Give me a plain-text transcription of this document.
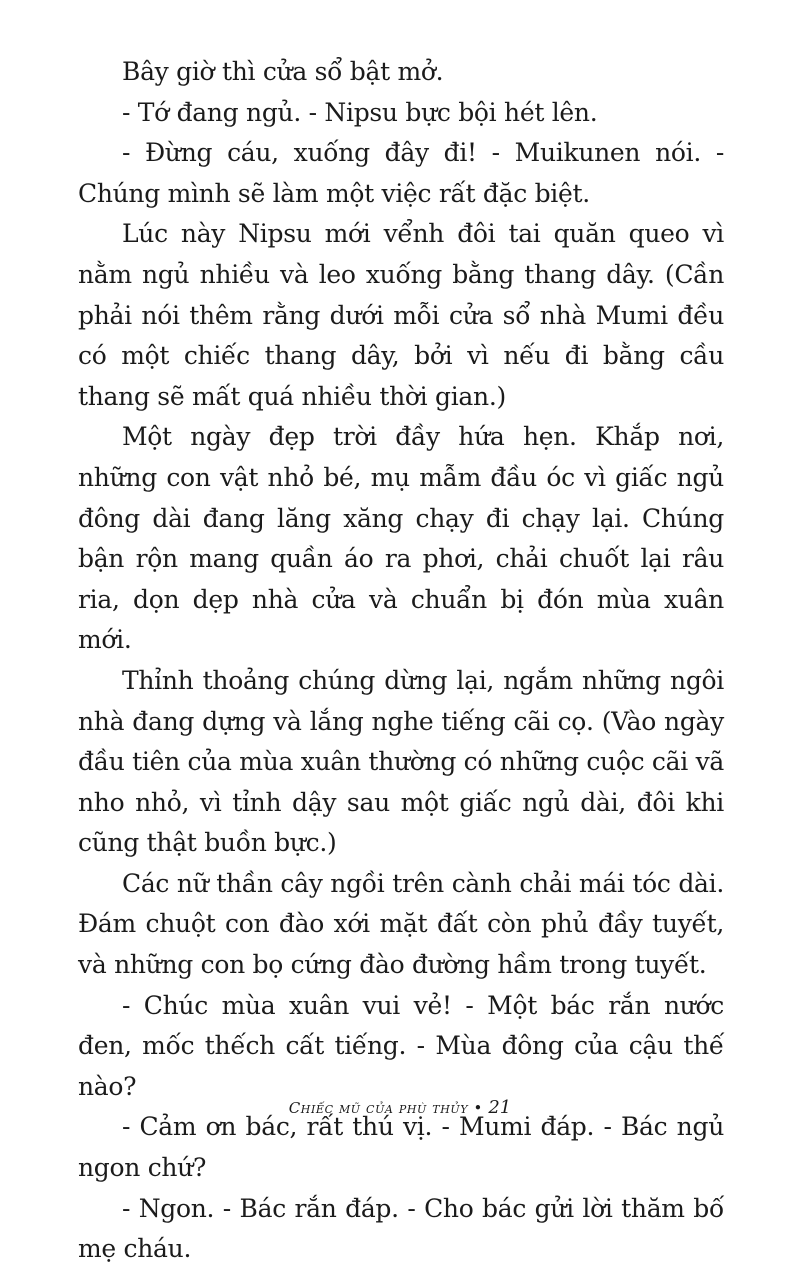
Bây giờ thì cửa sổ bật mở.

- Tớ đang ngủ. - Nipsu bực bội hét lên.

- Đừng cáu, xuống đây đi! - Muikunen nói. - Chúng mình sẽ làm một việc rất đặc biệt.

Lúc này Nipsu mới vểnh đôi tai quăn queo vì nằm ngủ nhiều và leo xuống bằng thang dây. (Cần phải nói thêm rằng dưới mỗi cửa sổ nhà Mumi đều có một chiếc thang dây, bởi vì nếu đi bằng cầu thang sẽ mất quá nhiều thời gian.)

Một ngày đẹp trời đầy hứa hẹn. Khắp nơi, những con vật nhỏ bé, mụ mẫm đầu óc vì giấc ngủ đông dài đang lăng xăng chạy đi chạy lại. Chúng bận rộn mang quần áo ra phơi, chải chuốt lại râu ria, dọn dẹp nhà cửa và chuẩn bị đón mùa xuân mới.

Thỉnh thoảng chúng dừng lại, ngắm những ngôi nhà đang dựng và lắng nghe tiếng cãi cọ. (Vào ngày đầu tiên của mùa xuân thường có những cuộc cãi vã nho nhỏ, vì tỉnh dậy sau một giấc ngủ dài, đôi khi cũng thật buồn bực.)

Các nữ thần cây ngồi trên cành chải mái tóc dài. Đám chuột con đào xới mặt đất còn phủ đầy tuyết, và những con bọ cứng đào đường hầm trong tuyết.

- Chúc mùa xuân vui vẻ! - Một bác rắn nước đen, mốc thếch cất tiếng. - Mùa đông của cậu thế nào?

- Cảm ơn bác, rất thú vị. - Mumi đáp. - Bác ngủ ngon chứ?

- Ngon. - Bác rắn đáp. - Cho bác gửi lời thăm bố mẹ cháu.

Chiếc mũ của phù thủy • 21
